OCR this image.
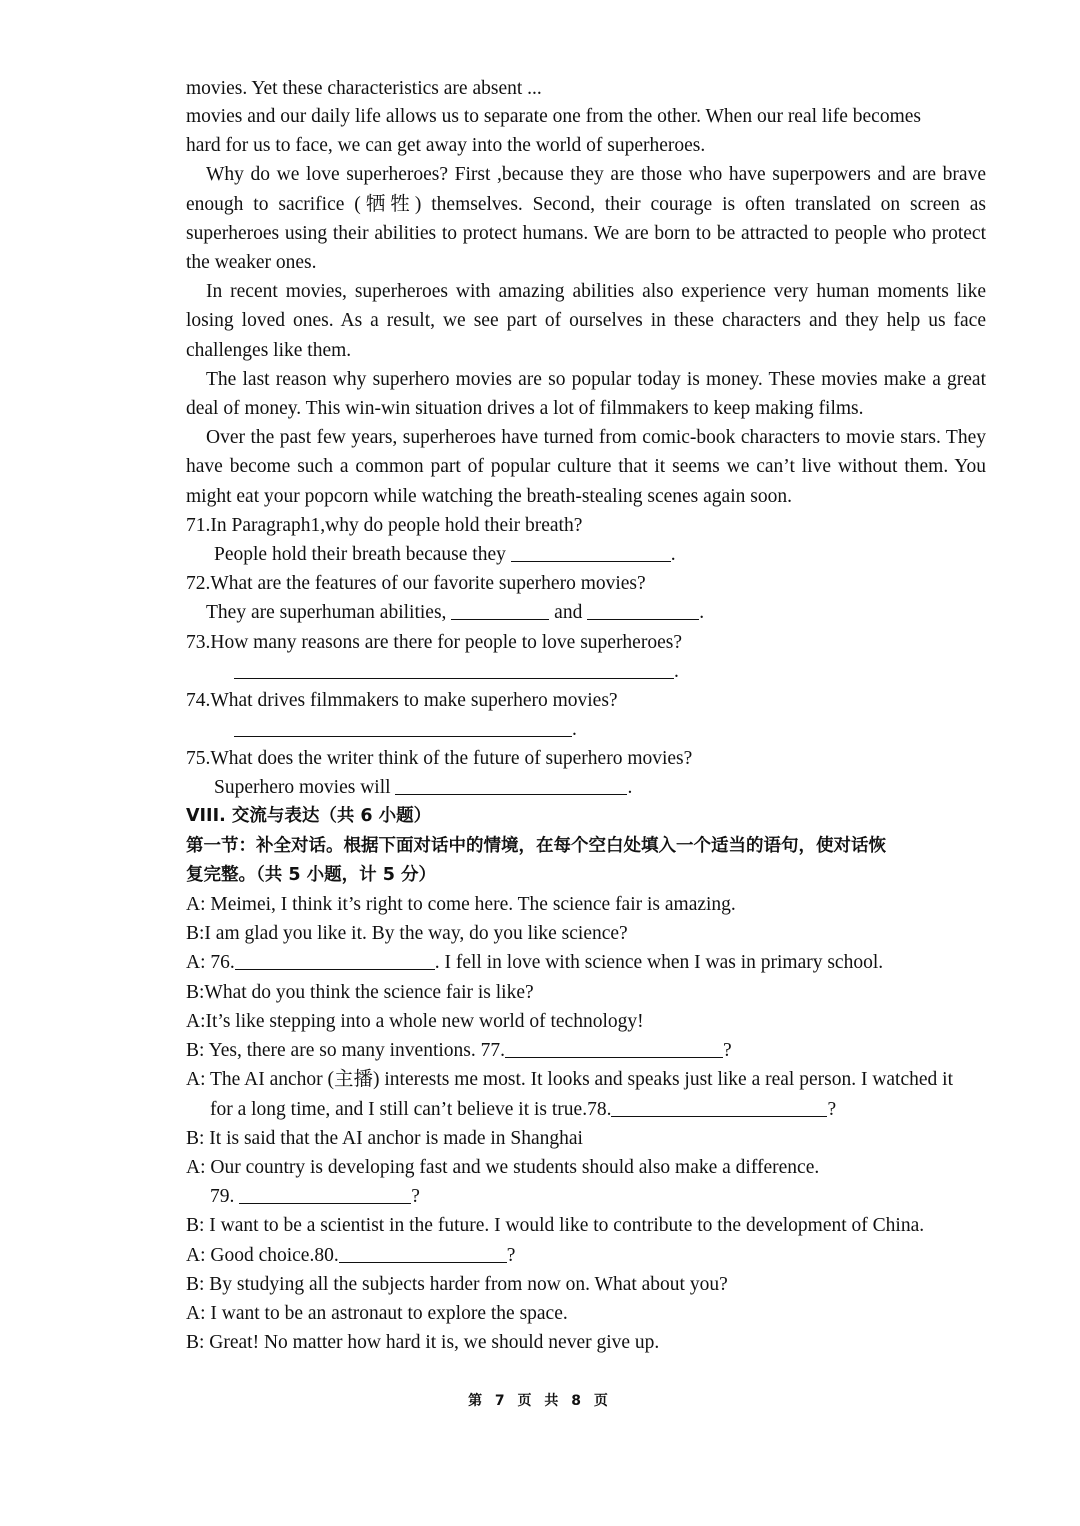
movies. Yet these characteristics are absent ...

movies and our daily life allows us to separate one from the other. When our real life becomes

hard for us to face, we can get away into the world of superheroes.

Why do we love superheroes? First ,because they are those who have superpowers and are brave enough to sacrifice (牺牲) themselves. Second, their courage is often translated on screen as superheroes using their abilities to protect humans. We are born to be attracted to people who protect the weaker ones.

In recent movies, superheroes with amazing abilities also experience very human moments like losing loved ones. As a result, we see part of ourselves in these characters and they help us face challenges like them.

The last reason why superhero movies are so popular today is money. These movies make a great deal of money. This win-win situation drives a lot of filmmakers to keep making films.

Over the past few years, superheroes have turned from comic-book characters to movie stars. They have become such a common part of popular culture that it seems we can’t live without them. You might eat your popcorn while watching the breath-stealing scenes again soon.

71.In Paragraph1,why do people hold their breath?

People hold their breath because they	.

72.What are the features of our favorite superhero movies?

They are superhuman abilities,	and	.

73.How many reasons are there for people to love superheroes?

.

74.What drives filmmakers to make superhero movies?

.

75.What does the writer think of the future of superhero movies?

Superhero movies will	.

VIII. 交流与表达（共 6 小题）

第一节：补全对话。根据下面对话中的情境，在每个空白处填入一个适当的语句，使对话恢

复完整。（共 5 小题，计 5 分）

A: Meimei, I think it’s right to come here. The science fair is amazing.

B:I am glad you like it. By the way, do you like science?

A: 76.	. I fell in love with science when I was in primary school.

B:What do you think the science fair is like?

A:It’s like stepping into a whole new world of technology!

B: Yes, there are so many inventions. 77.	?

A: The AI anchor (主播) interests me most. It looks and speaks just like a real person. I watched it

for a long time, and I still can’t believe it is true.78.	?

B: It is said that the AI anchor is made in Shanghai

A: Our country is developing fast and we students should also make a difference.

79.	?

B: I want to be a scientist in the future. I would like to contribute to the development of China.

A: Good choice.80.	?

B: By studying all the subjects harder from now on. What about you?

A: I want to be an astronaut to explore the space.

B: Great! No matter how hard it is, we should never give up.

第 7 页 共 8 页
